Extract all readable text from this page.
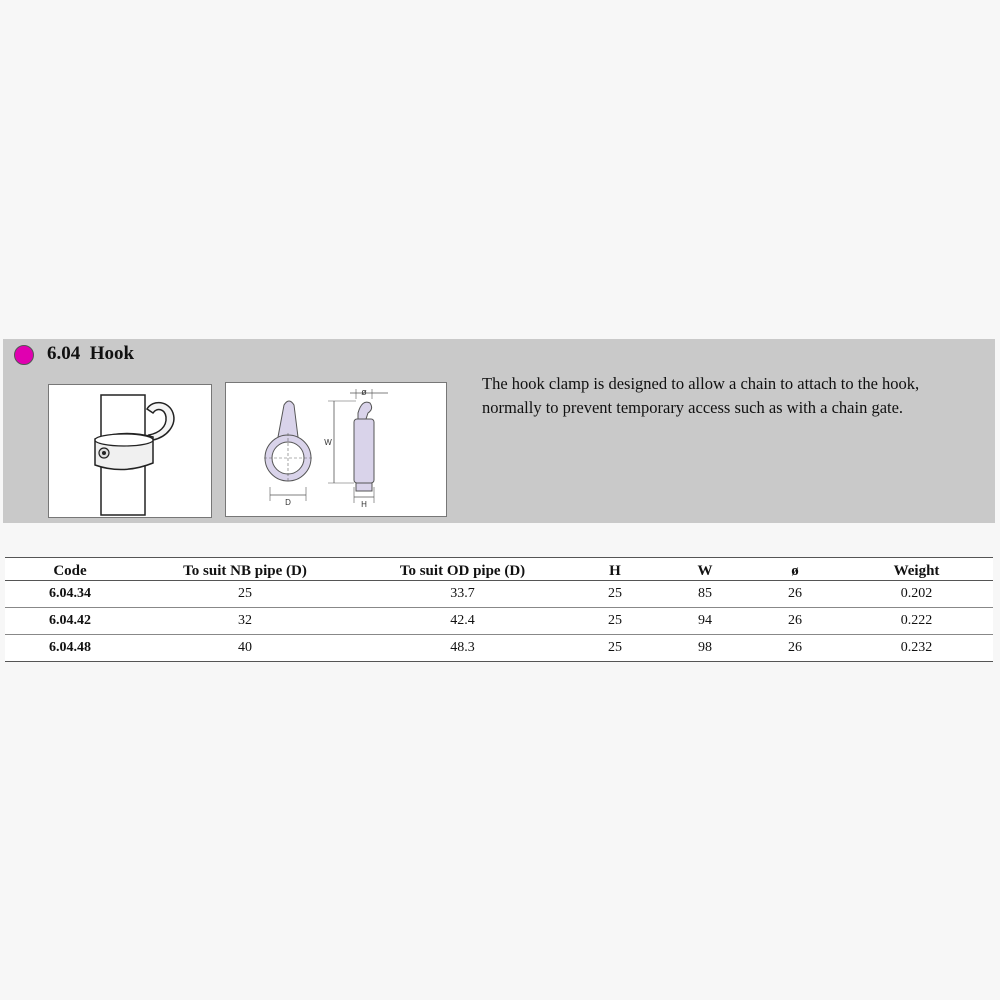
6.04 Hook
D
W
ø
H
The hook clamp is designed to allow a chain to attach to the hook, normally to prevent temporary access such as with a chain gate.
Code	To suit NB pipe (D)	To suit OD pipe (D)	H	W	ø	Weight
6.04.34	25	33.7	25	85	26	0.202
6.04.42	32	42.4	25	94	26	0.222
6.04.48	40	48.3	25	98	26	0.232
